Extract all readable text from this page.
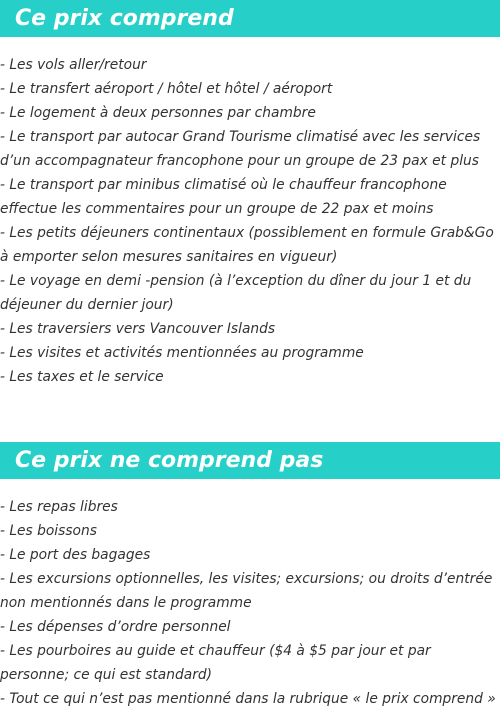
Ce prix comprend
- Les vols aller/retour
- Le transfert aéroport / hôtel et hôtel / aéroport
- Le logement à deux personnes par chambre
- Le transport par autocar Grand Tourisme climatisé avec les services d’un accompagnateur francophone pour un groupe de 23 pax et plus
- Le transport par minibus climatisé où le chauffeur francophone effectue les commentaires pour un groupe de 22 pax et moins
- Les petits déjeuners continentaux (possiblement en formule Grab&Go à emporter selon mesures sanitaires en vigueur)
- Le voyage en demi -pension (à l’exception du dîner du jour 1 et du déjeuner du dernier jour)
- Les traversiers vers Vancouver Islands
- Les visites et activités mentionnées au programme
- Les taxes et le service
Ce prix ne comprend pas
- Les repas libres
- Les boissons
- Le port des bagages
- Les excursions optionnelles, les visites; excursions; ou droits d’entrée non mentionnés dans le programme
- Les dépenses d’ordre personnel
- Les pourboires au guide et chauffeur ($4 à $5 par jour et par personne; ce qui est standard)
- Tout ce qui n’est pas mentionné dans la rubrique « le prix comprend »
